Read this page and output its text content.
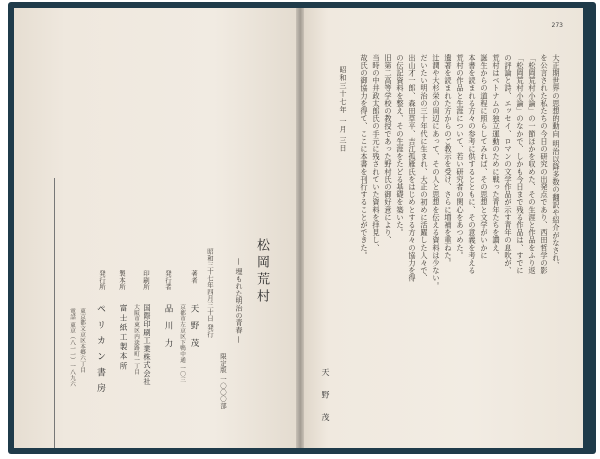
松岡荒村
— 埋もれた明治の青春 —
限定版 一〇〇〇部
昭和三十七年四月三十日 発行
著者
天 野 茂
京都市左京区下鴨中通 一〇三
発行者
品 川 力
印刷所
国際印刷工業株式会社
大阪市東区内淡路町一丁目
製本所
富士紙工製本所
発行所
ペ リ カ ン 書 房
東京都文京区本郷六丁目
電話 東京（八一一）一八九六
273
大正期世界の思想的動向 明治以降多数の翻訳や紹介がなされ、
を公言された私たちの今日の研究の出発点であり、西田哲学の影
「松岡荒村小論」の一節ほかを収めた、その生涯と作品をふり返
「松岡荒村小論」のなかで、しかも今日まで残る作品は、すでに
の評論と詩、エッセイ、ロマンの文学作品が示す青年の息吹が、
荒村はベトナムの独立運動のために戦った青年たちを讃え、
誕生からの道程に照らしてみれば、その思想と文学がいかに
本書を読まれる方々の参考に供するとともに、その意義を考える
荒村の作品と生涯について、若い研究者の関心をあつめた。
遺著を読まれた方からのご教示を受け、さらに増補を重ねた。
辻潤や大杉栄の周辺にあって、その人と思想を伝える資料は少ない。
だいたい明治の三十年代に生まれ、大正の初めに活躍した人々で、
出山才一郎、森田草平、吉江孤雁氏をはじめとする方々の協力を得
の伝記資料を整え、その生涯をたどる基礎を築いた。
旧第二高等学校の教授であった野村氏の御好意により、
当時の中井政太郎氏の手元に残されていた資料を拝見し、
故氏の御協力を得て、ここに本書を刊行することができた。
昭和三十七年 一月 三日
天 野 茂
